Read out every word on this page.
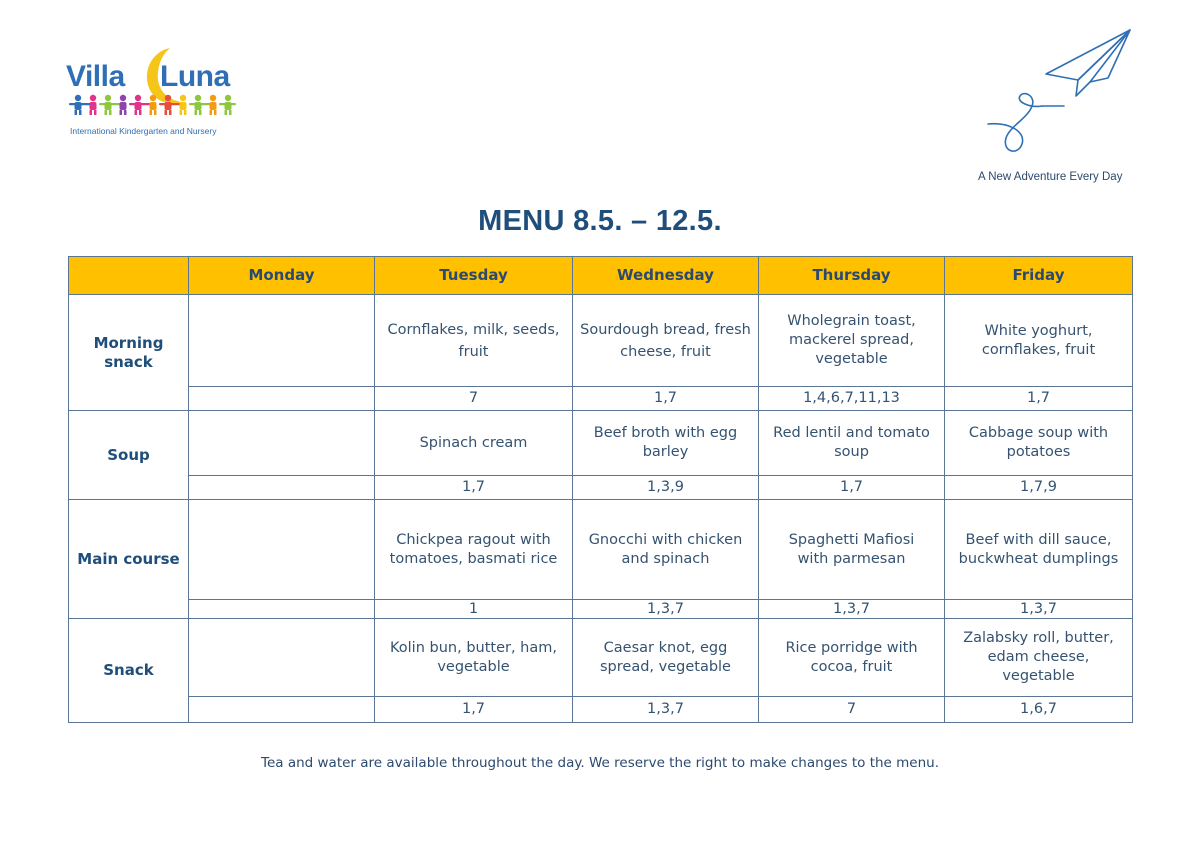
Villa Luna
International Kindergarten and Nursery
A New Adventure Every Day
MENU 8.5. – 12.5.
	Monday	Tuesday	Wednesday	Thursday	Friday
Morning snack		Cornflakes, milk, seeds, fruit	Sourdough bread, fresh cheese, fruit	Wholegrain toast, mackerel spread, vegetable	White yoghurt, cornflakes, fruit
		7	1,7	1,4,6,7,11,13	1,7
Soup		Spinach cream	Beef broth with egg barley	Red lentil and tomato soup	Cabbage soup with potatoes
		1,7	1,3,9	1,7	1,7,9
Main course		Chickpea ragout with tomatoes, basmati rice	Gnocchi with chicken and spinach	Spaghetti Mafiosi with parmesan	Beef with dill sauce, buckwheat dumplings
		1	1,3,7	1,3,7	1,3,7
Snack		Kolin bun, butter, ham, vegetable	Caesar knot, egg spread, vegetable	Rice porridge with cocoa, fruit	Zalabsky roll, butter, edam cheese, vegetable
		1,7	1,3,7	7	1,6,7
Tea and water are available throughout the day. We reserve the right to make changes to the menu.
